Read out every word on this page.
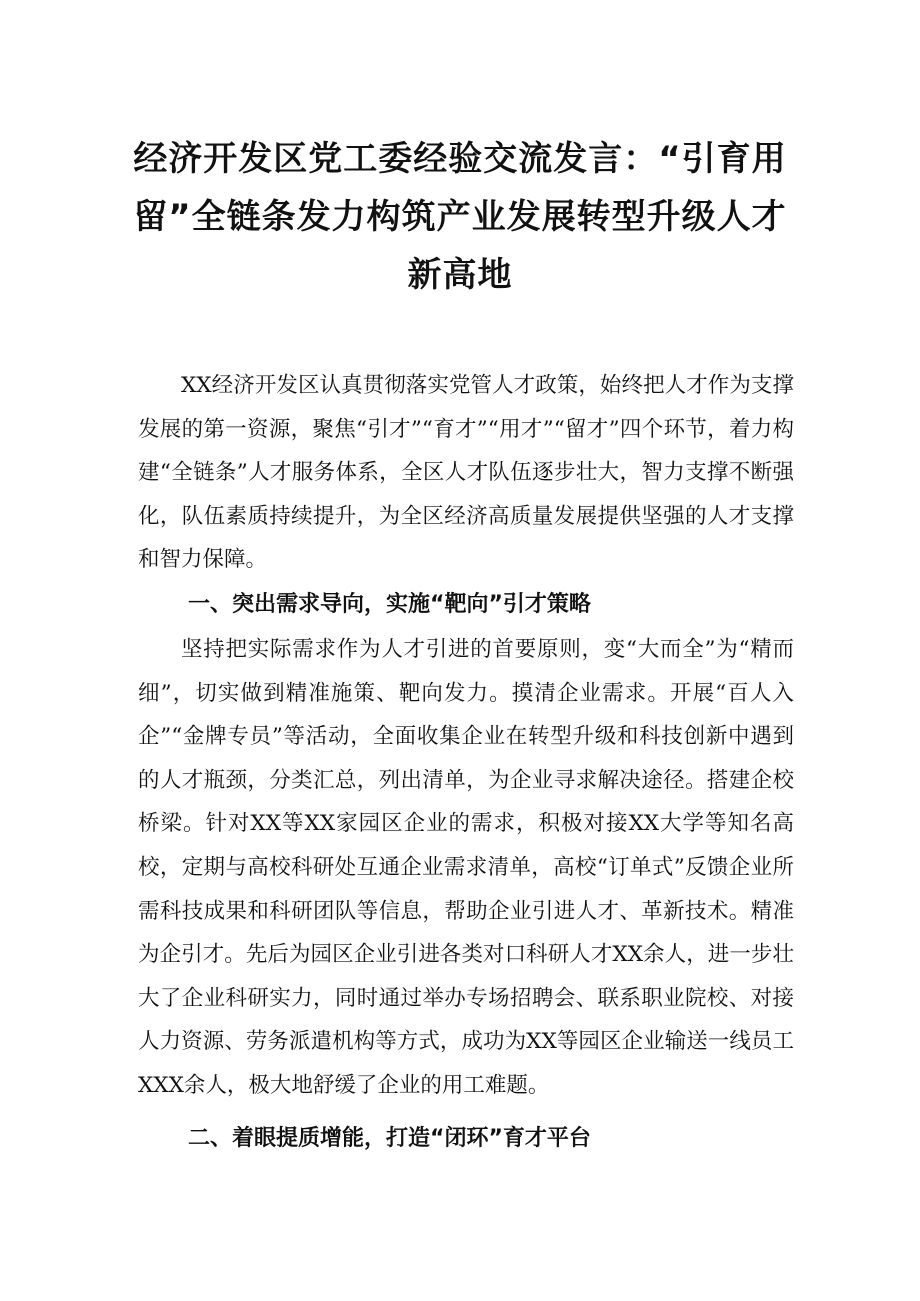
经济开发区党工委经验交流发言：“引育用留”全链条发力构筑产业发展转型升级人才新高地

XX经济开发区认真贯彻落实党管人才政策，始终把人才作为支撑发展的第一资源，聚焦“引才”“育才”“用才”“留才”四个环节，着力构建“全链条”人才服务体系，全区人才队伍逐步壮大，智力支撑不断强化，队伍素质持续提升，为全区经济高质量发展提供坚强的人才支撑和智力保障。

一、突出需求导向，实施“靶向”引才策略

坚持把实际需求作为人才引进的首要原则，变“大而全”为“精而细”，切实做到精准施策、靶向发力。摸清企业需求。开展“百人入企”“金牌专员”等活动，全面收集企业在转型升级和科技创新中遇到的人才瓶颈，分类汇总，列出清单，为企业寻求解决途径。搭建企校桥梁。针对XX等XX家园区企业的需求，积极对接XX大学等知名高校，定期与高校科研处互通企业需求清单，高校“订单式”反馈企业所需科技成果和科研团队等信息，帮助企业引进人才、革新技术。精准为企引才。先后为园区企业引进各类对口科研人才XX余人，进一步壮大了企业科研实力，同时通过举办专场招聘会、联系职业院校、对接人力资源、劳务派遣机构等方式，成功为XX等园区企业输送一线员工XXX余人，极大地舒缓了企业的用工难题。

二、着眼提质增能，打造“闭环”育才平台
